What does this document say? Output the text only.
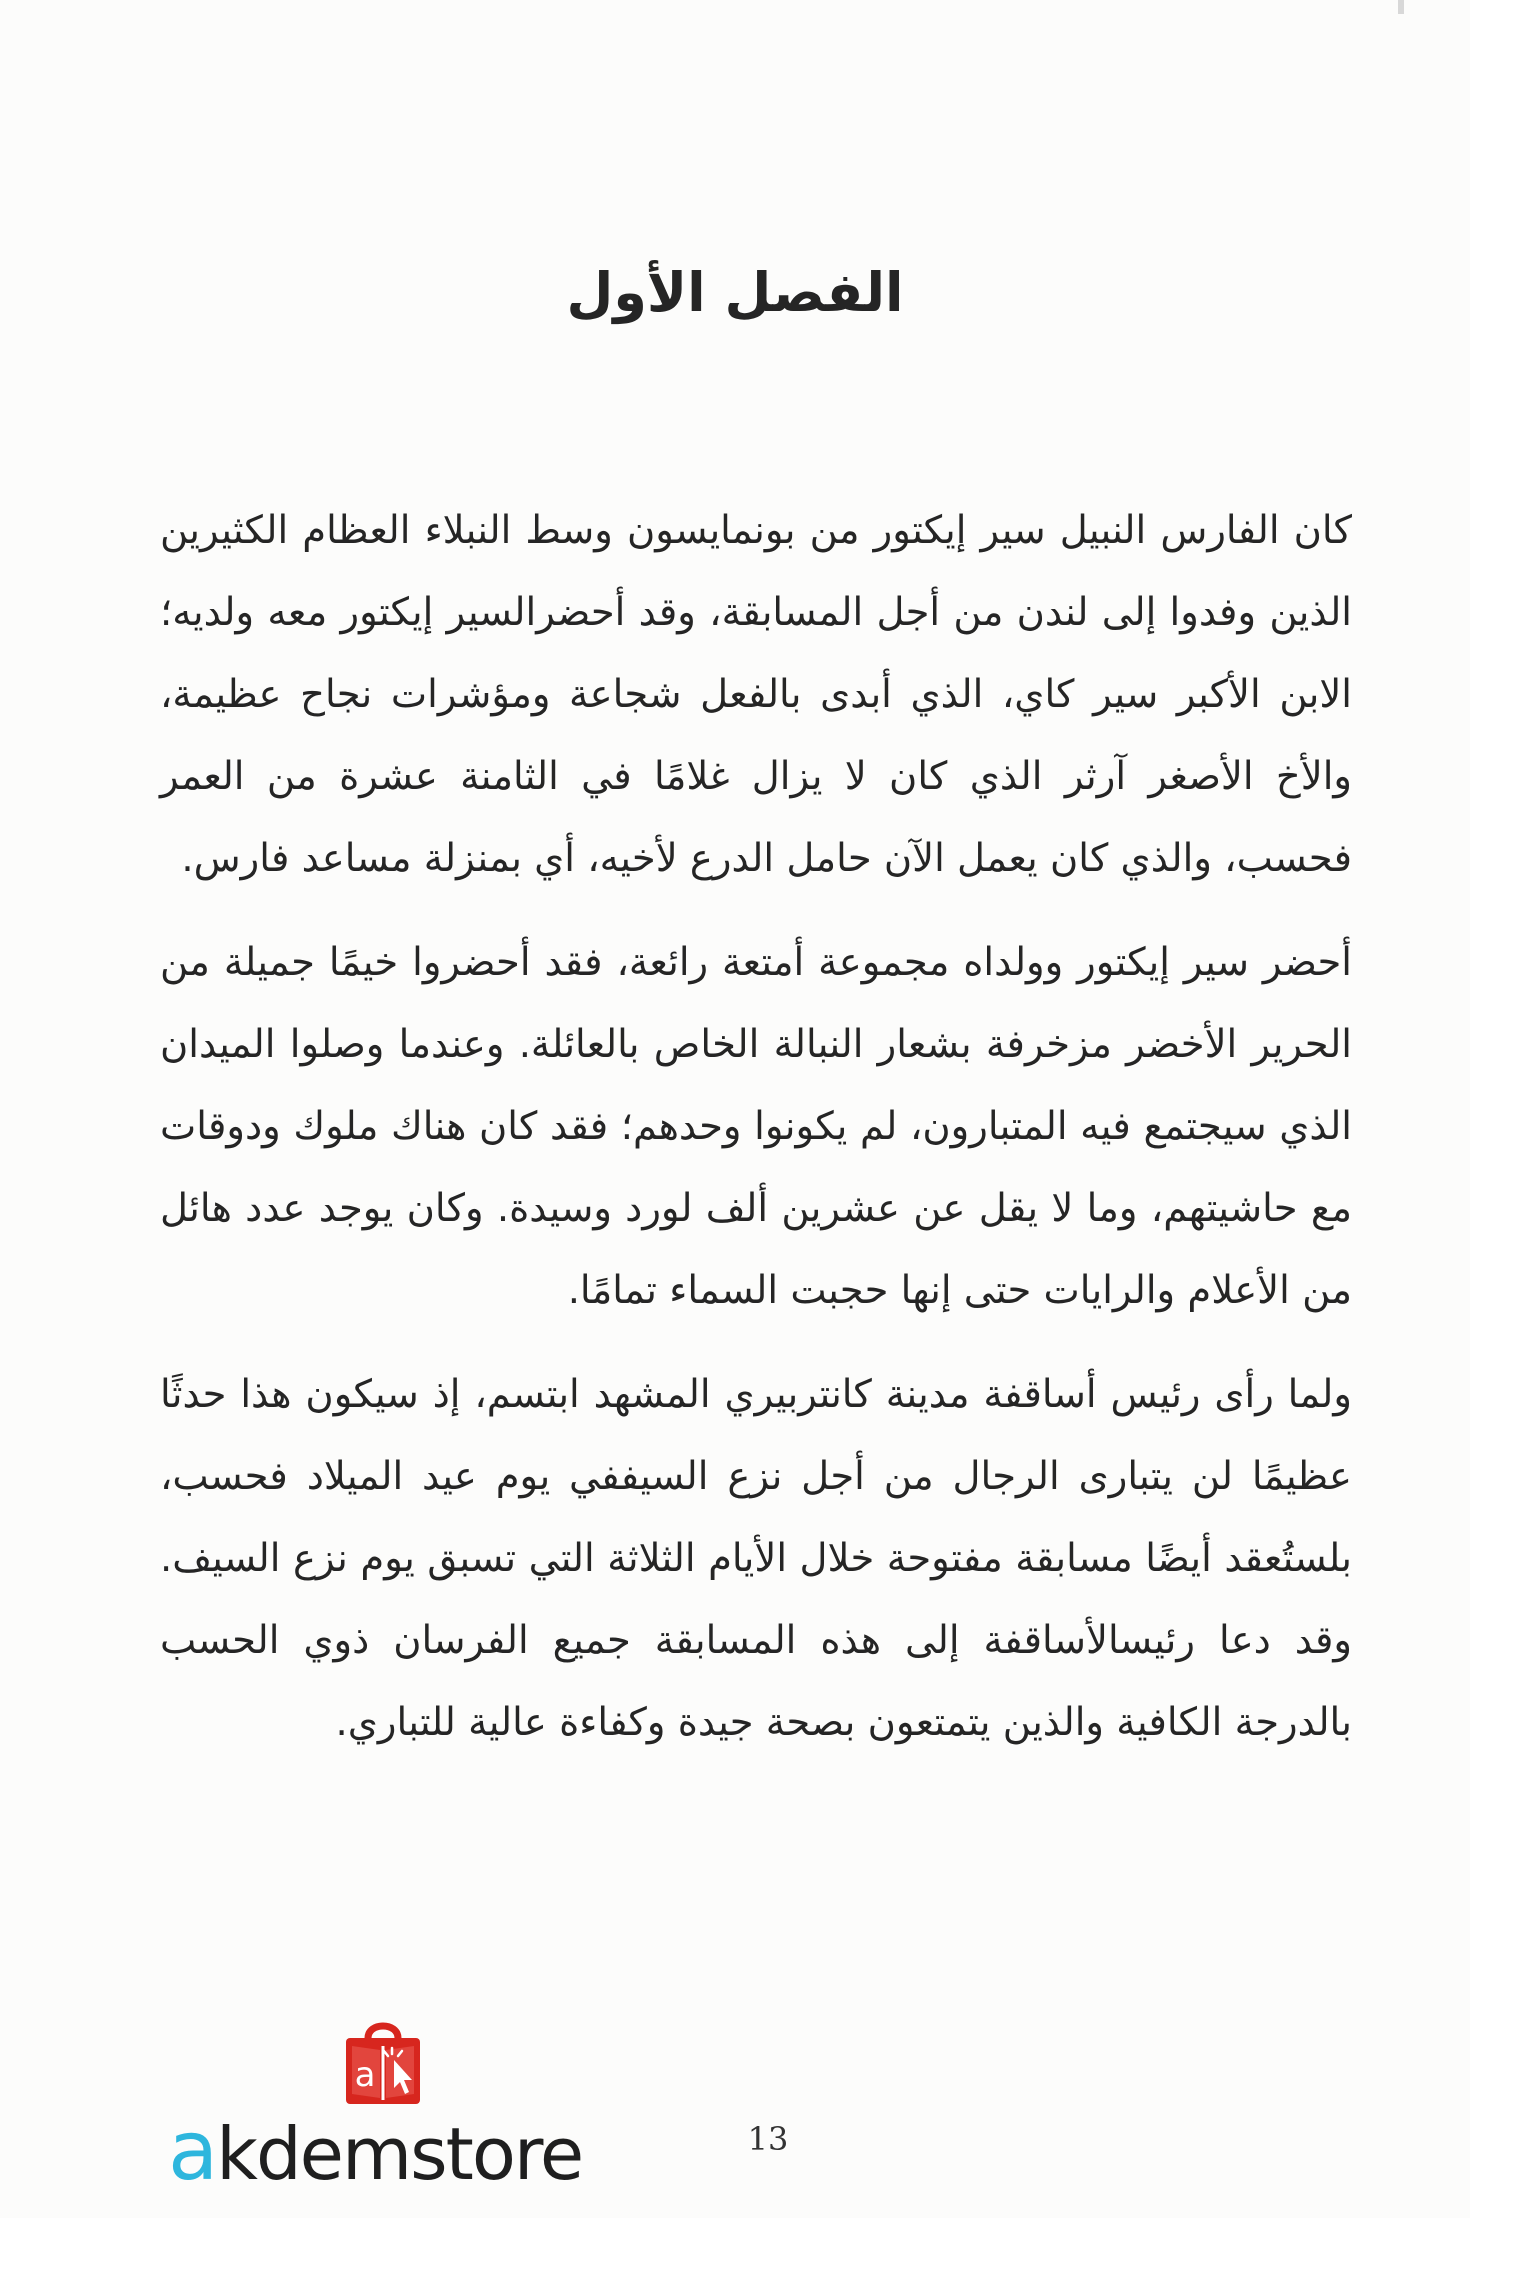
الفصل الأول

كان الفارس النبيل سير إيكتور من بونمايسون وسط النبلاء العظام الكثيرين الذين وفدوا إلى لندن من أجل المسابقة، وقد أحضرالسير إيكتور معه ولديه؛ الابن الأكبر سير كاي، الذي أبدى بالفعل شجاعة ومؤشرات نجاح عظيمة، والأخ الأصغر آرثر الذي كان لا يزال غلامًا في الثامنة عشرة من العمر فحسب، والذي كان يعمل الآن حامل الدرع لأخيه، أي بمنزلة مساعد فارس.

أحضر سير إيكتور وولداه مجموعة أمتعة رائعة، فقد أحضروا خيمًا جميلة من الحرير الأخضر مزخرفة بشعار النبالة الخاص بالعائلة. وعندما وصلوا الميدان الذي سيجتمع فيه المتبارون، لم يكونوا وحدهم؛ فقد كان هناك ملوك ودوقات مع حاشيتهم، وما لا يقل عن عشرين ألف لورد وسيدة. وكان يوجد عدد هائل من الأعلام والرايات حتى إنها حجبت السماء تمامًا.

ولما رأى رئيس أساقفة مدينة كانتربيري المشهد ابتسم، إذ سيكون هذا حدثًا عظيمًا لن يتبارى الرجال من أجل نزع السيففي يوم عيد الميلاد فحسب، بلستُعقد أيضًا مسابقة مفتوحة خلال الأيام الثلاثة التي تسبق يوم نزع السيف. وقد دعا رئيسالأساقفة إلى هذه المسابقة جميع الفرسان ذوي الحسب بالدرجة الكافية والذين يتمتعون بصحة جيدة وكفاءة عالية للتباري.

13
a
akdemstore
